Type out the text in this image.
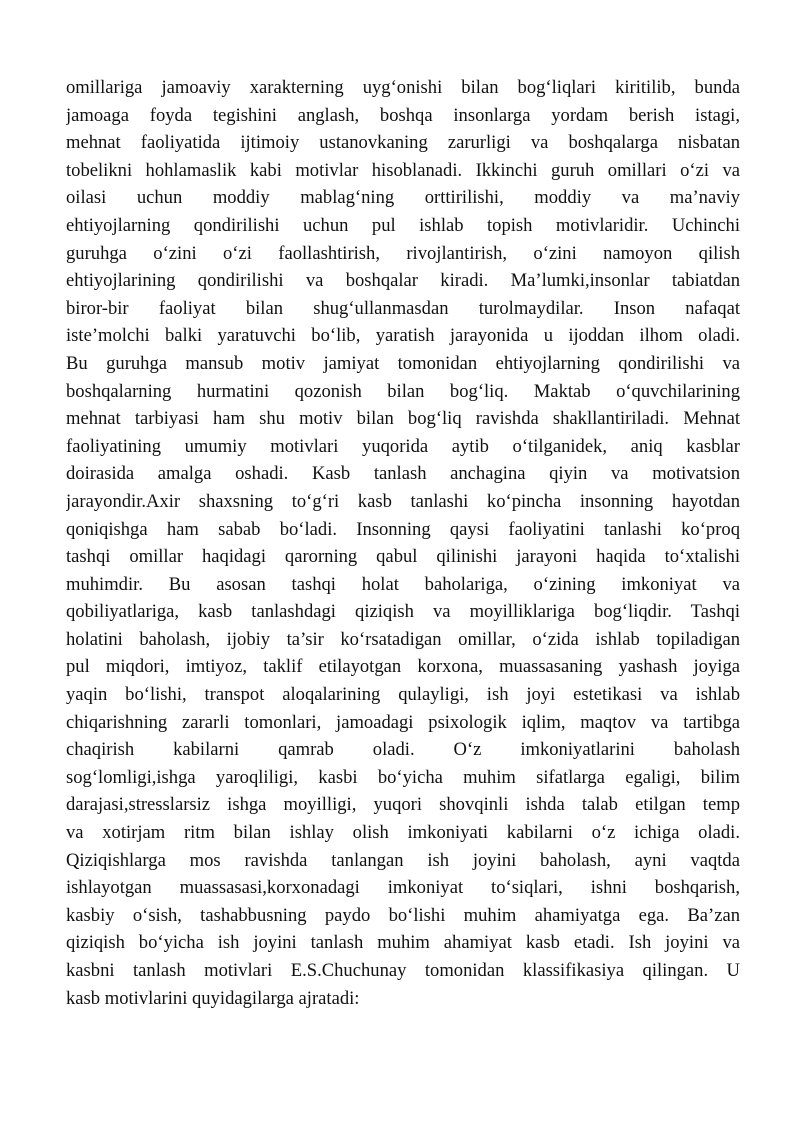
omillariga jamoaviy xarakterning uyg‘onishi bilan bog‘liqlari kiritilib, bunda
jamoaga foyda tegishini anglash, boshqa insonlarga yordam berish istagi,
mehnat faoliyatida ijtimoiy ustanovkaning zarurligi va boshqalarga nisbatan
tobelikni hohlamaslik kabi motivlar hisoblanadi. Ikkinchi guruh omillari o‘zi va
oilasi uchun moddiy mablag‘ning orttirilishi, moddiy va ma’naviy
ehtiyojlarning qondirilishi uchun pul ishlab topish motivlaridir. Uchinchi
guruhga o‘zini o‘zi faollashtirish, rivojlantirish, o‘zini namoyon qilish
ehtiyojlarining qondirilishi va boshqalar kiradi. Ma’lumki,insonlar tabiatdan
biror-bir faoliyat bilan shug‘ullanmasdan turolmaydilar. Inson nafaqat
iste’molchi balki yaratuvchi bo‘lib, yaratish jarayonida u ijoddan ilhom oladi.
Bu guruhga mansub motiv jamiyat tomonidan ehtiyojlarning qondirilishi va
boshqalarning hurmatini qozonish bilan bog‘liq. Maktab o‘quvchilarining
mehnat tarbiyasi ham shu motiv bilan bog‘liq ravishda shakllantiriladi. Mehnat
faoliyatining umumiy motivlari yuqorida aytib o‘tilganidek, aniq kasblar
doirasida amalga oshadi. Kasb tanlash anchagina qiyin va motivatsion
jarayondir.Axir shaxsning to‘g‘ri kasb tanlashi ko‘pincha insonning hayotdan
qoniqishga ham sabab bo‘ladi. Insonning qaysi faoliyatini tanlashi ko‘proq
tashqi omillar haqidagi qarorning qabul qilinishi jarayoni haqida to‘xtalishi
muhimdir. Bu asosan tashqi holat baholariga, o‘zining imkoniyat va
qobiliyatlariga, kasb tanlashdagi qiziqish va moyilliklariga bog‘liqdir. Tashqi
holatini baholash, ijobiy ta’sir ko‘rsatadigan omillar, o‘zida ishlab topiladigan
pul miqdori, imtiyoz, taklif etilayotgan korxona, muassasaning yashash joyiga
yaqin bo‘lishi, transpot aloqalarining qulayligi, ish joyi estetikasi va ishlab
chiqarishning zararli tomonlari, jamoadagi psixologik iqlim, maqtov va tartibga
chaqirish kabilarni qamrab oladi. O‘z imkoniyatlarini baholash
sog‘lomligi,ishga yaroqliligi, kasbi bo‘yicha muhim sifatlarga egaligi, bilim
darajasi,stresslarsiz ishga moyilligi, yuqori shovqinli ishda talab etilgan temp
va xotirjam ritm bilan ishlay olish imkoniyati kabilarni o‘z ichiga oladi.
Qiziqishlarga mos ravishda tanlangan ish joyini baholash, ayni vaqtda
ishlayotgan muassasasi,korxonadagi imkoniyat to‘siqlari, ishni boshqarish,
kasbiy o‘sish, tashabbusning paydo bo‘lishi muhim ahamiyatga ega. Ba’zan
qiziqish bo‘yicha ish joyini tanlash muhim ahamiyat kasb etadi. Ish joyini va
kasbni tanlash motivlari E.S.Chuchunay tomonidan klassifikasiya qilingan. U
kasb motivlarini quyidagilarga ajratadi:
